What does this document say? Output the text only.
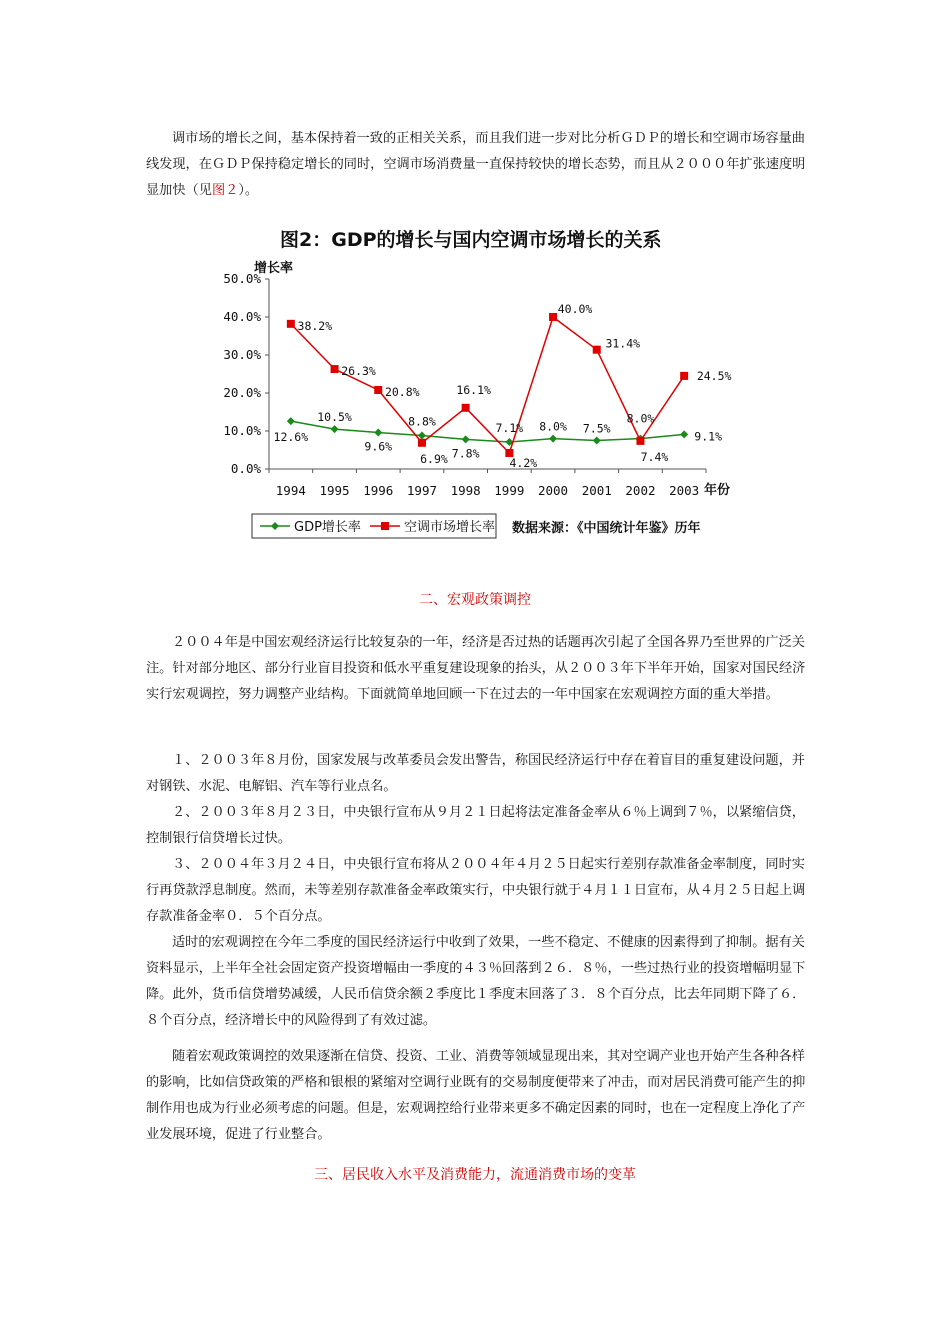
调市场的增长之间，基本保持着一致的正相关关系，而且我们进一步对比分析ＧＤＰ的增长和空调市场容量曲线发现，在ＧＤＰ保持稳定增长的同时，空调市场消费量一直保持较快的增长态势，而且从２０００年扩张速度明显加快（见图２）。

图2：GDP的增长与国内空调市场增长的关系
增长率
年份
0.0%
10.0%
20.0%
30.0%
40.0%
50.0%
1994 1995 1996 1997 1998 1999 2000 2001 2002 2003
12.6%
10.5%
9.6%
8.8%
7.8%
7.1% 8.0% 7.5%
8.0%
9.1%
38.2%
26.3%
20.8%
6.9%
16.1%
4.2%
40.0%
31.4%
7.4%
24.5%
GDP增长率	空调市场增长率 数据来源：《中国统计年鉴》历年
二、宏观政策调控

２００４年是中国宏观经济运行比较复杂的一年，经济是否过热的话题再次引起了全国各界乃至世界的广泛关注。针对部分地区、部分行业盲目投资和低水平重复建设现象的抬头，从２００３年下半年开始，国家对国民经济实行宏观调控，努力调整产业结构。下面就简单地回顾一下在过去的一年中国家在宏观调控方面的重大举措。

１、２００３年８月份，国家发展与改革委员会发出警告，称国民经济运行中存在着盲目的重复建设问题，并对钢铁、水泥、电解铝、汽车等行业点名。

２、２００３年８月２３日，中央银行宣布从９月２１日起将法定准备金率从６％上调到７％，以紧缩信贷，控制银行信贷增长过快。

３、２００４年３月２４日，中央银行宣布将从２００４年４月２５日起实行差别存款准备金率制度，同时实行再贷款浮息制度。然而，未等差别存款准备金率政策实行，中央银行就于４月１１日宣布，从４月２５日起上调存款准备金率０．５个百分点。

适时的宏观调控在今年二季度的国民经济运行中收到了效果，一些不稳定、不健康的因素得到了抑制。据有关资料显示，上半年全社会固定资产投资增幅由一季度的４３％回落到２６．８％，一些过热行业的投资增幅明显下降。此外，货币信贷增势减缓，人民币信贷余额２季度比１季度末回落了３．８个百分点，比去年同期下降了６．８个百分点，经济增长中的风险得到了有效过滤。

随着宏观政策调控的效果逐渐在信贷、投资、工业、消费等领域显现出来，其对空调产业也开始产生各种各样的影响，比如信贷政策的严格和银根的紧缩对空调行业既有的交易制度便带来了冲击，而对居民消费可能产生的抑制作用也成为行业必须考虑的问题。但是，宏观调控给行业带来更多不确定因素的同时，也在一定程度上净化了产业发展环境，促进了行业整合。

三、居民收入水平及消费能力，流通消费市场的变革
